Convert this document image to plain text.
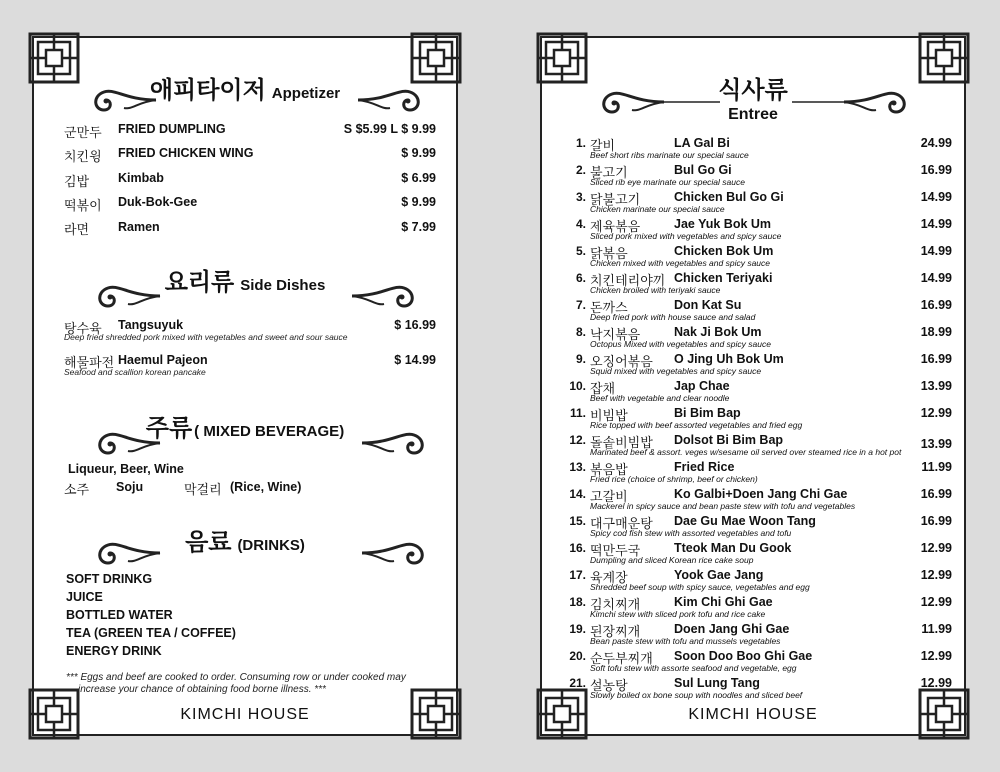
애피타이저 Appetizer
군만두 FRIED DUMPLING	S $5.99 L $ 9.99
치킨윙 FRIED CHICKEN WING	$ 9.99
김밥 Kimbab	$ 6.99
떡볶이 Duk-Bok-Gee	$ 9.99
라면 Ramen	$ 7.99
요리류 Side Dishes
탕수육 Tangsuyuk	$ 16.99
Deep fried shredded pork mixed with vegetables and sweet and sour sauce
해물파전 Haemul Pajeon	$ 14.99
Seafood and scallion korean pancake
주류 ( MIXED BEVERAGE)
Liqueur, Beer, Wine
소주 Soju	막걸리 (Rice, Wine)
음료 (DRINKS)
SOFT DRINKG
JUICE
BOTTLED WATER
TEA (GREEN TEA / COFFEE)
ENERGY DRINK
*** Eggs and beef are cooked to order. Consuming row or under cooked may
increase your chance of obtaining food borne illness. ***
KIMCHI HOUSE
식사류
Entree
1. 갈비	LA Gal Bi	24.99
Beef short ribs marinate our special sauce
2. 불고기	Bul Go Gi	16.99
Sliced rib eye marinate our special sauce
3. 닭불고기	Chicken Bul Go Gi	14.99
Chicken marinate our special sauce
4. 제육볶음	Jae Yuk Bok Um	14.99
Sliced pork mixed with vegetables and spicy sauce
5. 닭볶음	Chicken Bok Um	14.99
Chicken mixed with vegetables and spicy sauce
6. 치킨테리야끼 Chicken Teriyaki	14.99
Chicken broiled with teriyaki sauce
7. 돈까스	Don Kat Su	16.99
Deep fried pork with house sauce and salad
8. 낙지볶음	Nak Ji Bok Um	18.99
Octopus Mixed with vegetables and spicy sauce
9. 오징어볶음 O Jing Uh Bok Um	16.99
Squid mixed with vegetables and spicy sauce
10. 잡채	Jap Chae	13.99
Beef with vegetable and clear noodle
11. 비빔밥	Bi Bim Bap	12.99
Rice topped with beef assorted vegetables and fried egg
12. 돌솥비빔밥 Dolsot Bi Bim Bap	13.99
Marinated beef & assort. veges w/sesame oil served over steamed rice in a hot pot
13. 볶음밥	Fried Rice	11.99
Fried rice (choice of shrimp, beef or chicken)
14. 고갈비	Ko Galbi+Doen Jang Chi Gae	16.99
Mackerel in spicy sauce and bean paste stew with tofu and vegetables
15. 대구매운탕 Dae Gu Mae Woon Tang	16.99
Spicy cod fish stew with assorted vegetables and tofu
16. 떡만두국	Tteok Man Du Gook	12.99
Dumpling and sliced Korean rice cake soup
17. 육계장	Yook Gae Jang	12.99
Shredded beef soup with spicy sauce, vegetables and egg
18. 김치찌개	Kim Chi Ghi Gae	12.99
Kimchi stew with sliced pork tofu and rice cake
19. 된장찌개	Doen Jang Ghi Gae	11.99
Bean paste stew with tofu and mussels vegetables
20. 순두부찌개 Soon Doo Boo Ghi Gae	12.99
Soft tofu stew with assorte seafood and vegetable, egg
21. 설농탕	Sul Lung Tang	12.99
Slowly boiled ox bone soup with noodles and sliced beef
KIMCHI HOUSE
